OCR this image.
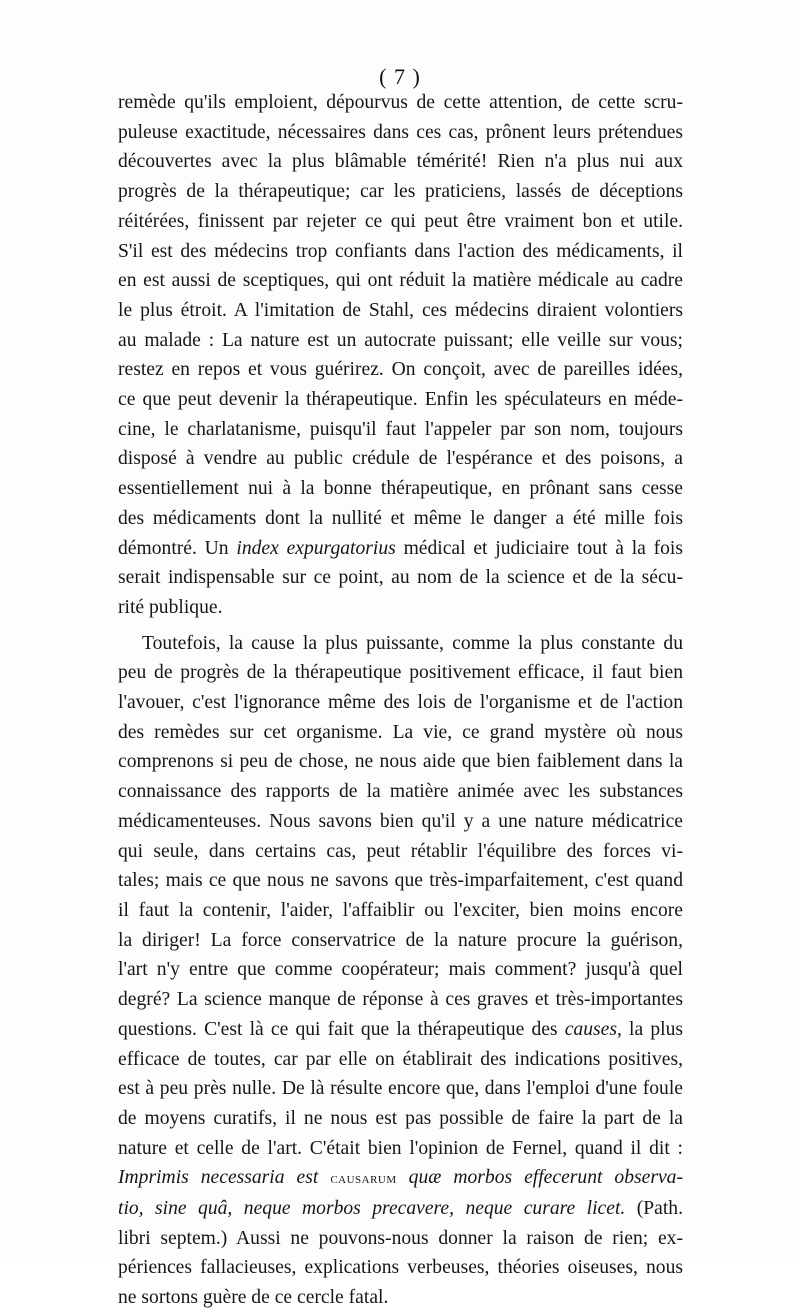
( 7 )
remède qu'ils emploient, dépourvus de cette attention, de cette scru-
puleuse exactitude, nécessaires dans ces cas, prônent leurs prétendues
découvertes avec la plus blâmable témérité! Rien n'a plus nui aux
progrès de la thérapeutique; car les praticiens, lassés de déceptions
réitérées, finissent par rejeter ce qui peut être vraiment bon et utile.
S'il est des médecins trop confiants dans l'action des médicaments, il
en est aussi de sceptiques, qui ont réduit la matière médicale au cadre
le plus étroit. A l'imitation de Stahl, ces médecins diraient volontiers
au malade : La nature est un autocrate puissant; elle veille sur vous;
restez en repos et vous guérirez. On conçoit, avec de pareilles idées,
ce que peut devenir la thérapeutique. Enfin les spéculateurs en méde-
cine, le charlatanisme, puisqu'il faut l'appeler par son nom, toujours
disposé à vendre au public crédule de l'espérance et des poisons, a
essentiellement nui à la bonne thérapeutique, en prônant sans cesse
des médicaments dont la nullité et même le danger a été mille fois
démontré. Un index expurgatorius médical et judiciaire tout à la fois
serait indispensable sur ce point, au nom de la science et de la sécu-
rité publique.
Toutefois, la cause la plus puissante, comme la plus constante du
peu de progrès de la thérapeutique positivement efficace, il faut bien
l'avouer, c'est l'ignorance même des lois de l'organisme et de l'action
des remèdes sur cet organisme. La vie, ce grand mystère où nous
comprenons si peu de chose, ne nous aide que bien faiblement dans la
connaissance des rapports de la matière animée avec les substances
médicamenteuses. Nous savons bien qu'il y a une nature médicatrice
qui seule, dans certains cas, peut rétablir l'équilibre des forces vi-
tales; mais ce que nous ne savons que très-imparfaitement, c'est quand
il faut la contenir, l'aider, l'affaiblir ou l'exciter, bien moins encore
la diriger! La force conservatrice de la nature procure la guérison,
l'art n'y entre que comme coopérateur; mais comment? jusqu'à quel
degré? La science manque de réponse à ces graves et très-importantes
questions. C'est là ce qui fait que la thérapeutique des causes, la plus
efficace de toutes, car par elle on établirait des indications positives,
est à peu près nulle. De là résulte encore que, dans l'emploi d'une foule
de moyens curatifs, il ne nous est pas possible de faire la part de la
nature et celle de l'art. C'était bien l'opinion de Fernel, quand il dit :
Imprimis necessaria est causarum quæ morbos effecerunt observa-
tio, sine quâ, neque morbos precavere, neque curare licet. (Path.
libri septem.) Aussi ne pouvons-nous donner la raison de rien; ex-
périences fallacieuses, explications verbeuses, théories oiseuses, nous
ne sortons guère de ce cercle fatal.
